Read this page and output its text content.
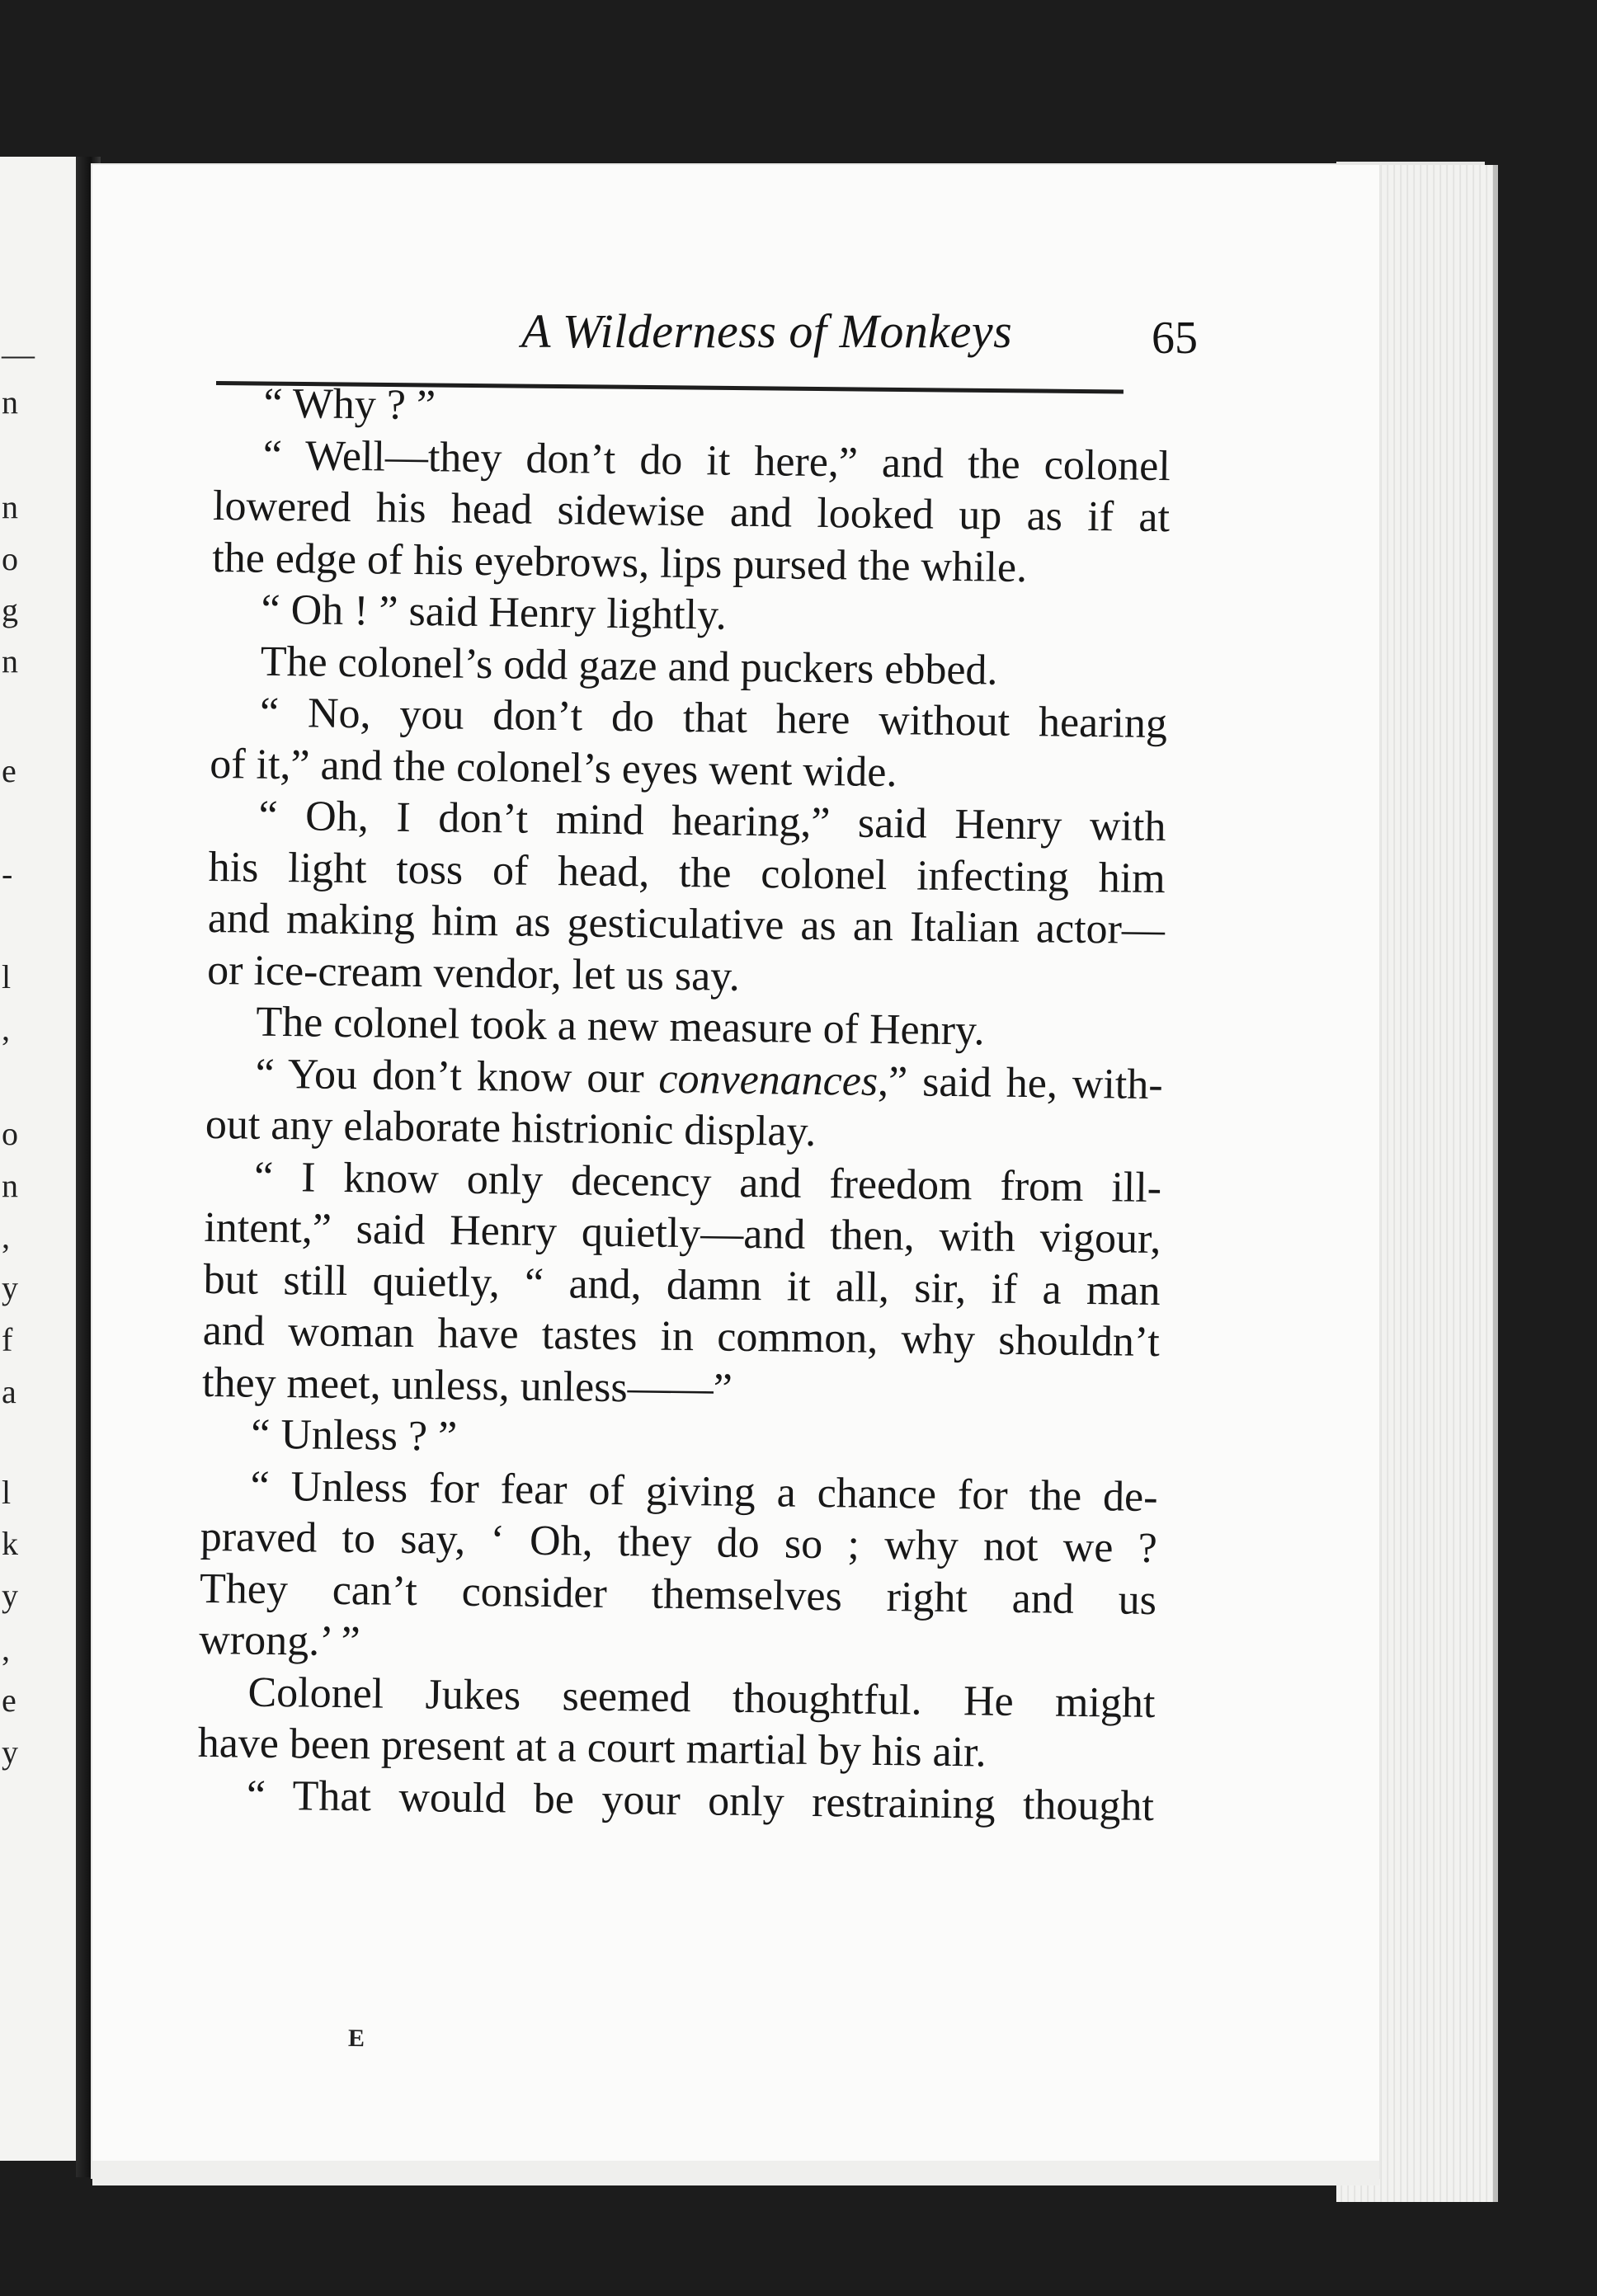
—
n
n
o
g
n
e
-
l
,
o
n
,
y
f
a
l
k
y
,
e
y
A Wilderness of Monkeys	65
“ Why ? ”
“ Well—they don’t do it here,” and the colonel
lowered his head sidewise and looked up as if at
the edge of his eyebrows, lips pursed the while.
“ Oh ! ” said Henry lightly.
The colonel’s odd gaze and puckers ebbed.
“ No, you don’t do that here without hearing
of it,” and the colonel’s eyes went wide.
“ Oh, I don’t mind hearing,” said Henry with
his light toss of head, the colonel infecting him
and making him as gesticulative as an Italian actor—
or ice-cream vendor, let us say.
The colonel took a new measure of Henry.
“ You don’t know our convenances,” said he, with-
out any elaborate histrionic display.
“ I know only decency and freedom from ill-
intent,” said Henry quietly—and then, with vigour,
but still quietly, “ and, damn it all, sir, if a man
and woman have tastes in common, why shouldn’t
they meet, unless, unless——”
“ Unless ? ”
“ Unless for fear of giving a chance for the de-
praved to say, ‘ Oh, they do so ; why not we ?
They can’t consider themselves right and us
wrong.’ ”
Colonel Jukes seemed thoughtful. He might
have been present at a court martial by his air.
“ That would be your only restraining thought
E
